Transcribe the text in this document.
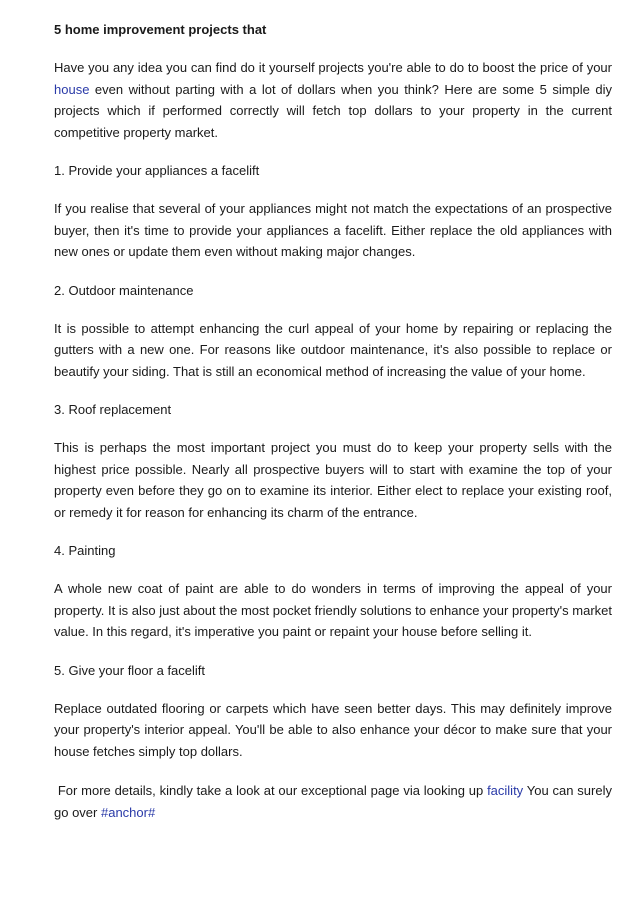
5 home improvement projects that

Have you any idea you can find do it yourself projects you're able to do to boost the price of your house even without parting with a lot of dollars when you think? Here are some 5 simple diy projects which if performed correctly will fetch top dollars to your property in the current competitive property market.

1. Provide your appliances a facelift

If you realise that several of your appliances might not match the expectations of an prospective buyer, then it's time to provide your appliances a facelift. Either replace the old appliances with new ones or update them even without making major changes.

2. Outdoor maintenance

It is possible to attempt enhancing the curl appeal of your home by repairing or replacing the gutters with a new one. For reasons like outdoor maintenance, it's also possible to replace or beautify your siding. That is still an economical method of increasing the value of your home.

3. Roof replacement

This is perhaps the most important project you must do to keep your property sells with the highest price possible. Nearly all prospective buyers will to start with examine the top of your property even before they go on to examine its interior. Either elect to replace your existing roof, or remedy it for reason for enhancing its charm of the entrance.

4. Painting

A whole new coat of paint are able to do wonders in terms of improving the appeal of your property. It is also just about the most pocket friendly solutions to enhance your property's market value. In this regard, it's imperative you paint or repaint your house before selling it.

5. Give your floor a facelift

Replace outdated flooring or carpets which have seen better days. This may definitely improve your property's interior appeal. You'll be able to also enhance your décor to make sure that your house fetches simply top dollars.

For more details, kindly take a look at our exceptional page via looking up facility You can surely go over #anchor#
